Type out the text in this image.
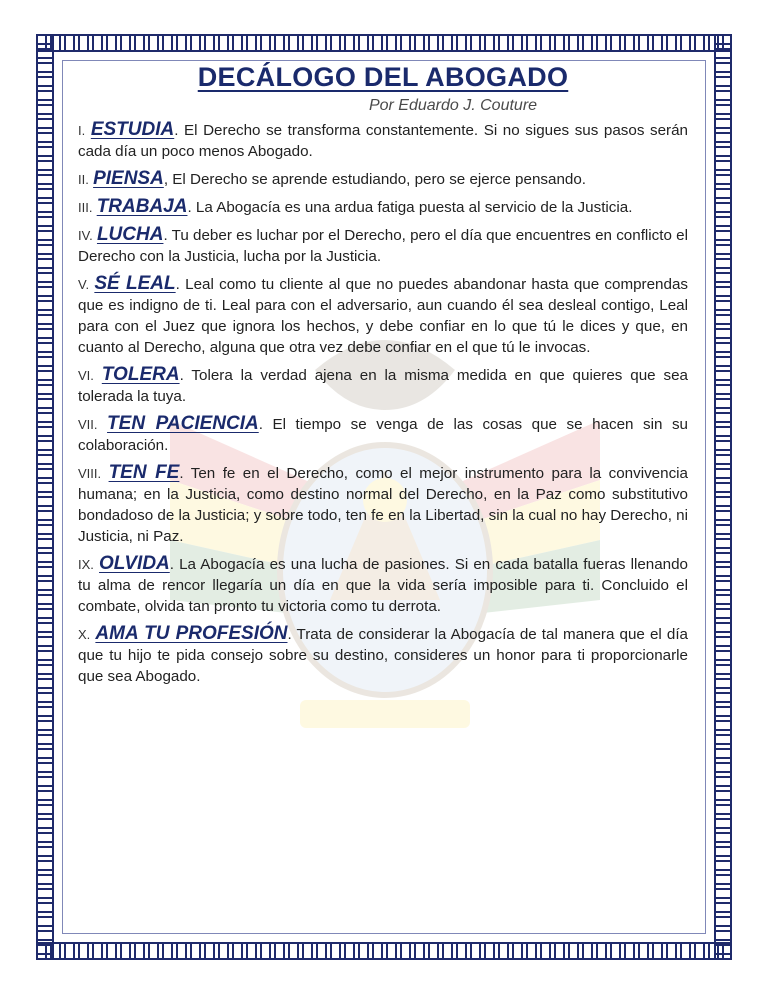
DECÁLOGO DEL ABOGADO
Por Eduardo J. Couture

I. ESTUDIA. El Derecho se transforma constantemente. Si no sigues sus pasos serán cada día un poco menos Abogado.

II. PIENSA, El Derecho se aprende estudiando, pero se ejerce pensando.

III. TRABAJA. La Abogacía es una ardua fatiga puesta al servicio de la Justicia.

IV. LUCHA. Tu deber es luchar por el Derecho, pero el día que encuentres en conflicto el Derecho con la Justicia, lucha por la Justicia.

V. SÉ LEAL. Leal como tu cliente al que no puedes abandonar hasta que comprendas que es indigno de ti. Leal para con el adversario, aun cuando él sea desleal contigo, Leal para con el Juez que ignora los hechos, y debe confiar en lo que tú le dices y que, en cuanto al Derecho, alguna que otra vez debe confiar en el que tú le invocas.

VI. TOLERA. Tolera la verdad ajena en la misma medida en que quieres que sea tolerada la tuya.

VII. TEN PACIENCIA. El tiempo se venga de las cosas que se hacen sin su colaboración.

VIII. TEN FE. Ten fe en el Derecho, como el mejor instrumento para la convivencia humana; en la Justicia, como destino normal del Derecho, en la Paz como substitutivo bondadoso de la Justicia; y sobre todo, ten fe en la Libertad, sin la cual no hay Derecho, ni Justicia, ni Paz.

IX. OLVIDA. La Abogacía es una lucha de pasiones. Si en cada batalla fueras llenando tu alma de rencor llegaría un día en que la vida sería imposible para ti. Concluido el combate, olvida tan pronto tu victoria como tu derrota.

X. AMA TU PROFESIÓN. Trata de considerar la Abogacía de tal manera que el día que tu hijo te pida consejo sobre su destino, consideres un honor para ti proporcionarle que sea Abogado.
